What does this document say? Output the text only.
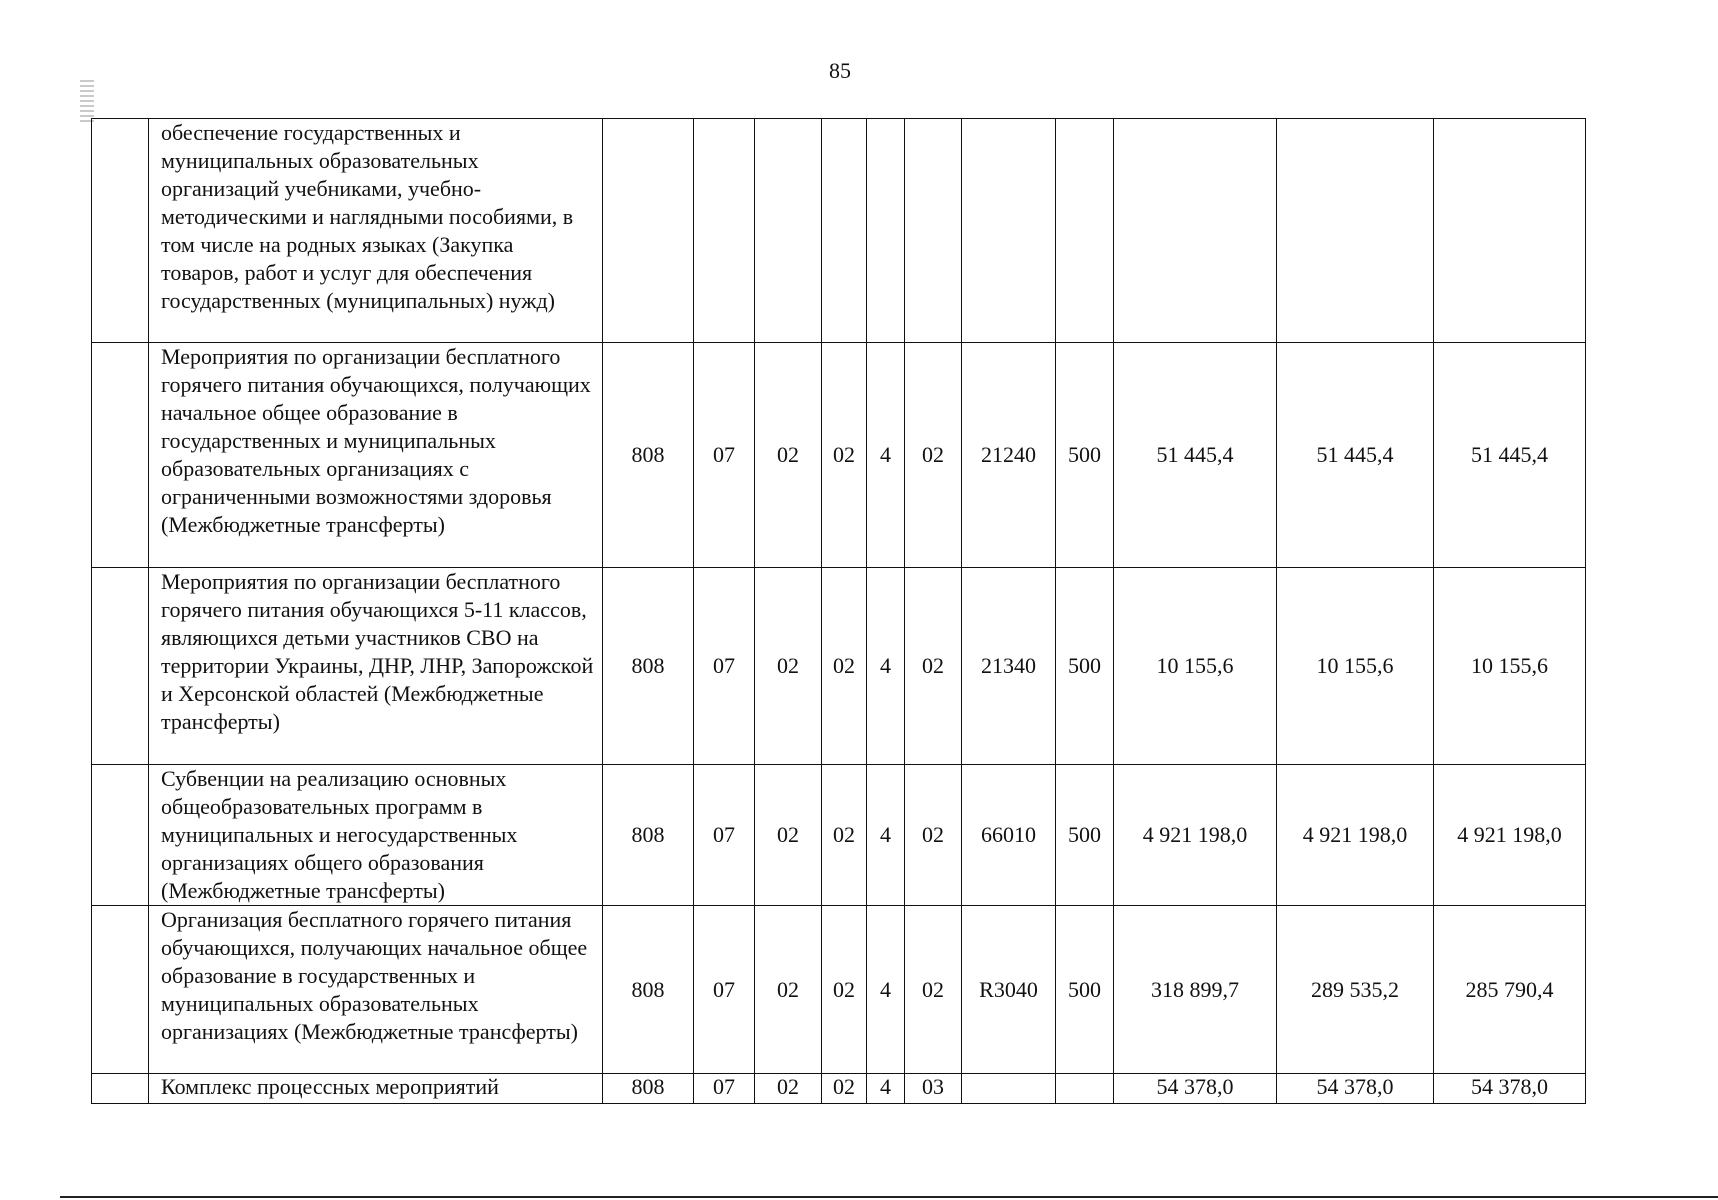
85
	обеспечение государственных и муниципальных образовательных организаций учебниками, учебно-методическими и наглядными пособиями, в том числе на родных языках (Закупка товаров, работ и услуг для обеспечения государственных (муниципальных) нужд)											
	Мероприятия по организации бесплатного горячего питания обучающихся, получающих начальное общее образование в государственных и муниципальных образовательных организациях с ограниченными возможностями здоровья (Межбюджетные трансферты)	808	07	02	02	4	02	21240	500	51 445,4	51 445,4	51 445,4
	Мероприятия по организации бесплатного горячего питания обучающихся 5-11 классов, являющихся детьми участников СВО на территории Украины, ДНР, ЛНР, Запорожской и Херсонской областей (Межбюджетные трансферты)	808	07	02	02	4	02	21340	500	10 155,6	10 155,6	10 155,6
	Субвенции на реализацию основных общеобразовательных программ в муниципальных и негосударственных организациях общего образования (Межбюджетные трансферты)	808	07	02	02	4	02	66010	500	4 921 198,0	4 921 198,0	4 921 198,0
	Организация бесплатного горячего питания обучающихся, получающих начальное общее образование в государственных и муниципальных образовательных организациях (Межбюджетные трансферты)	808	07	02	02	4	02	R3040	500	318 899,7	289 535,2	285 790,4
	Комплекс процессных мероприятий	808	07	02	02	4	03			54 378,0	54 378,0	54 378,0
